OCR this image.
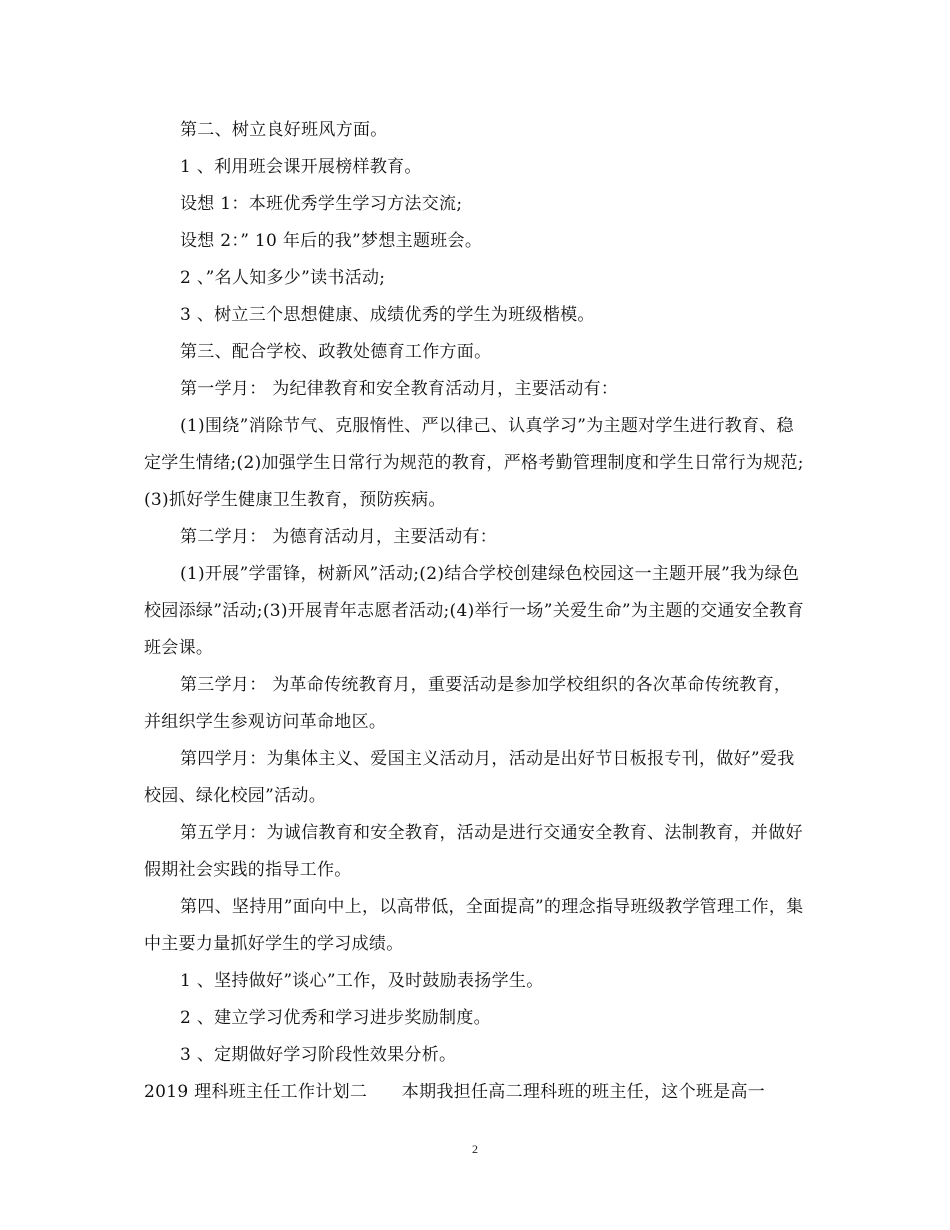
第二、树立良好班风方面。

1 、利用班会课开展榜样教育。

设想 1：本班优秀学生学习方法交流;

设想 2：” 10 年后的我”梦想主题班会。

2 、”名人知多少”读书活动;

3 、树立三个思想健康、成绩优秀的学生为班级楷模。

第三、配合学校、政教处德育工作方面。

第一学月： 为纪律教育和安全教育活动月，主要活动有：

(1)围绕”消除节气、克服惰性、严以律己、认真学习”为主题对学生进行教育、稳定学生情绪;(2)加强学生日常行为规范的教育，严格考勤管理制度和学生日常行为规范;(3)抓好学生健康卫生教育，预防疾病。

第二学月： 为德育活动月，主要活动有：

(1)开展”学雷锋，树新风”活动;(2)结合学校创建绿色校园这一主题开展”我为绿色校园添绿”活动;(3)开展青年志愿者活动;(4)举行一场”关爱生命”为主题的交通安全教育班会课。

第三学月： 为革命传统教育月，重要活动是参加学校组织的各次革命传统教育，并组织学生参观访问革命地区。

第四学月：为集体主义、爱国主义活动月，活动是出好节日板报专刊，做好”爱我校园、绿化校园”活动。

第五学月：为诚信教育和安全教育，活动是进行交通安全教育、法制教育，并做好假期社会实践的指导工作。

第四、坚持用”面向中上，以高带低，全面提高”的理念指导班级教学管理工作，集中主要力量抓好学生的学习成绩。

1 、坚持做好”谈心”工作，及时鼓励表扬学生。

2 、建立学习优秀和学习进步奖励制度。

3 、定期做好学习阶段性效果分析。

2019 理科班主任工作计划二　　本期我担任高二理科班的班主任，这个班是高一

2
